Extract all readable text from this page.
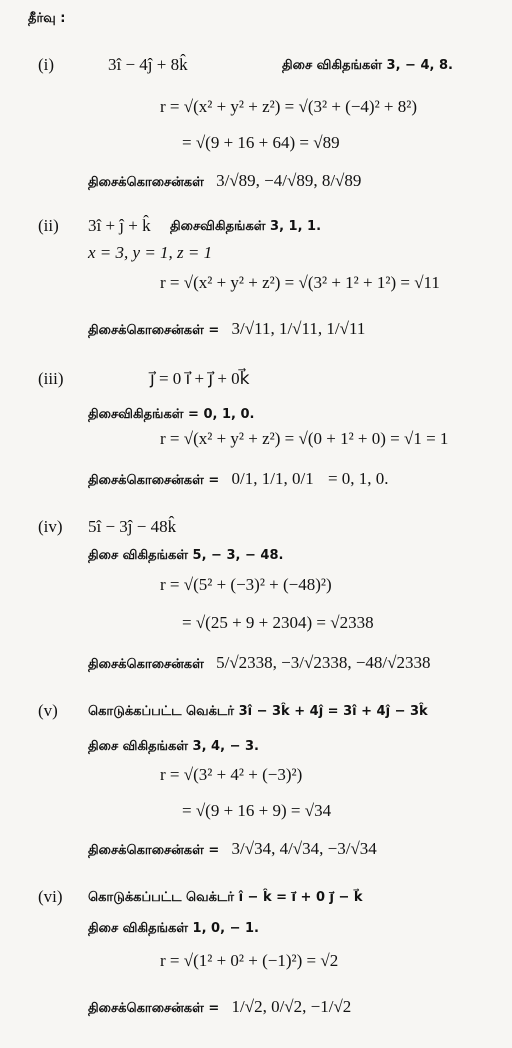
தீர்வு :
(i)	3î − 4ĵ + 8k̂	திசை விகிதங்கள் 3, − 4, 8.
r = √(x² + y² + z²) = √(3² + (−4)² + 8²)
= √(9 + 16 + 64) = √89
திசைக்கொசைன்கள் 3/√89, −4/√89, 8/√89
(ii) 3î + ĵ + k̂ திசைவிகிதங்கள் 3, 1, 1.
x = 3, y = 1, z = 1
r = √(x² + y² + z²) = √(3² + 1² + 1²) = √11
திசைக்கொசைன்கள் = 3/√11, 1/√11, 1/√11
(iii)	ȷ⃗ = 0 ı⃗ + ȷ⃗ + 0k⃗
திசைவிகிதங்கள் = 0, 1, 0.
r = √(x² + y² + z²) = √(0 + 1² + 0) = √1 = 1
திசைக்கொசைன்கள் = 0/1, 1/1, 0/1 = 0, 1, 0.
(iv) 5î − 3ĵ − 48k̂
திசை விகிதங்கள் 5, − 3, − 48.
r = √(5² + (−3)² + (−48)²)
= √(25 + 9 + 2304) = √2338
திசைக்கொசைன்கள் 5/√2338, −3/√2338, −48/√2338
(v) கொடுக்கப்பட்ட வெக்டர் 3î − 3k̂ + 4ĵ = 3î + 4ĵ − 3k̂
திசை விகிதங்கள் 3, 4, − 3.
r = √(3² + 4² + (−3)²)
= √(9 + 16 + 9) = √34
திசைக்கொசைன்கள் = 3/√34, 4/√34, −3/√34
(vi) கொடுக்கப்பட்ட வெக்டர் î − k̂ = ı⃗ + 0 ȷ⃗ − k⃗
திசை விகிதங்கள் 1, 0, − 1.
r = √(1² + 0² + (−1)²) = √2
திசைக்கொசைன்கள் = 1/√2, 0/√2, −1/√2
